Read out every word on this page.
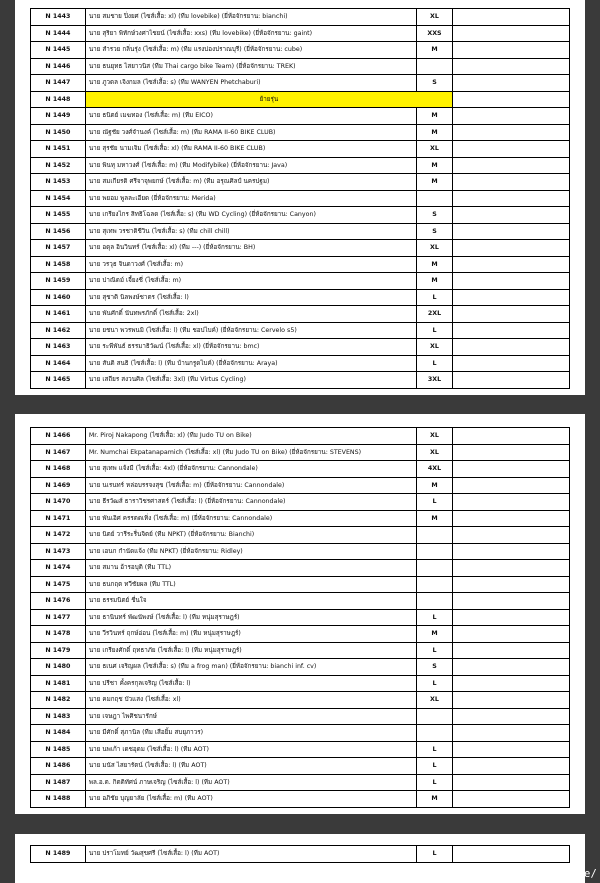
N 1443	นาย สมชาย ปิ่งยศ (ไซส์เสื้อ: xl) (ทีม lovebike) (ยี่ห้อจักรยาน: bianchi)	XL	
N 1444	นาย สุริยา พิทักษ์วงศาไชยน์ (ไซส์เสื้อ: xxs) (ทีม lovebike) (ยี่ห้อจักรยาน: gaint)	XXS	
N 1445	นาย สำรวย กลิ่นรุ่ง (ไซส์เสื้อ: m) (ทีม แรงบ่องปราณบุรี) (ยี่ห้อจักรยาน: cube)	M	
N 1446	นาย ธนยุทธ ไสยาวนิส (ทีม Thai cargo bike Team) (ยี่ห้อจักรยาน: TREK)		
N 1447	นาย ภูวดล เจิงกมล (ไซส์เสื้อ: s) (ทีม WANYEN Phetchaburi)	S	
N 1448	ย้ายรุ่น		
N 1449	นาย ธนิตย์ เมฆทอง (ไซส์เสื้อ: m) (ทีม EICO)	M	
N 1450	นาย ณัฐชัย วงศ์จำนงค์ (ไซส์เสื้อ: m) (ทีม RAMA II-60 BIKE CLUB)	M	
N 1451	นาย สุรชัย นามเจิม (ไซส์เสื้อ: xl) (ทีม RAMA II-60 BIKE CLUB)	XL	
N 1452	นาย พินทุ มหาวงศ์ (ไซส์เสื้อ: m) (ทีม Modifybike) (ยี่ห้อจักรยาน: Java)	M	
N 1453	นาย สมเกียรติ ศรีจาจุพยกษ์ (ไซส์เสื้อ: m) (ทีม อรุณศิลป์ นครปฐม)	M	
N 1454	นาย พยอม พูลละเอียด (ยี่ห้อจักรยาน: Merida)		
N 1455	นาย เกรียงไกร สิทธิโฉลด (ไซส์เสื้อ: s) (ทีม WD Cycling) (ยี่ห้อจักรยาน: Canyon)	S	
N 1456	นาย สุเทพ วรชาติชีวิน (ไซส์เสื้อ: s) (ทีม chill chill)	S	
N 1457	นาย อดุล อินวินทร์ (ไซส์เสื้อ: xl) (ทีม ---) (ยี่ห้อจักรยาน: BH)	XL	
N 1458	นาย วรวุธ จินดาวงศ์ (ไซส์เสื้อ: m)	M	
N 1459	นาย ปาณิดม์ เจี้ยงชี่ (ไซส์เสื้อ: m)	M	
N 1460	นาย สุชาติ นิลพงษ์ชาตร (ไซส์เสื้อ: l)	L	
N 1461	นาย พันศักดิ์ นันทพรภักดิ์ (ไซส์เสื้อ: 2xl)	2XL	
N 1462	นาย ยชนา พวรพนมิ (ไซส์เสื้อ: l) (ทีม ชอปไบค์) (ยี่ห้อจักรยาน: Cervelo s5)	L	
N 1463	นาย ระพีพันธ์ ธรรมาธิวัฒน์ (ไซส์เสื้อ: xl) (ยี่ห้อจักรยาน: bmc)	XL	
N 1464	นาย สันติ สนธิ (ไซส์เสื้อ: l) (ทีม บ้านกรูดไบค์) (ยี่ห้อจักรยาน: Araya)	L	
N 1465	นาย เสถียร สงวนศิล (ไซส์เสื้อ: 3xl) (ทีม Virtus Cycling)	3XL	
N 1466	Mr. Piroj Nakapong (ไซส์เสื้อ: xl) (ทีม Judo TU on Bike)	XL	
N 1467	Mr. Numchai Ekpatanapamich (ไซส์เสื้อ: xl) (ทีม Judo TU on Bike) (ยี่ห้อจักรยาน: STEVENS)	XL	
N 1468	นาย สุเทพ แจ้งมี (ไซส์เสื้อ: 4xl) (ยี่ห้อจักรยาน: Cannondale)	4XL	
N 1469	นาย นเรนทร์ หล่อบรรจงสุข (ไซส์เสื้อ: m) (ยี่ห้อจักรยาน: Cannondale)	M	
N 1470	นาย ธีรวัฒส์ ธาราวิชรศาสตร์ (ไซส์เสื้อ: l) (ยี่ห้อจักรยาน: Cannondale)	L	
N 1471	นาย พันเอิศ ครรตดเทิ่ง (ไซส์เสื้อ: m) (ยี่ห้อจักรยาน: Cannondale)	M	
N 1472	นาย นิตย์ วารีระรื่นจิตย์ (ทีม NPKT) (ยี่ห้อจักรยาน: Bianchi)		
N 1473	นาย เอนก กำนัดแจ้ง (ทีม NPKT) (ยี่ห้อจักรยาน: Ridley)		
N 1474	นาย สมาน อ้ารอบุติ (ทีม TTL)		
N 1475	นาย ธนกฤต ทวีชัยผล (ทีม TTL)		
N 1476	นาย ธรรมนิตย์ ชื่นใจ		
N 1477	นาย ธานินทร์ พัฒนัพงษ์ (ไซส์เสื้อ: l) (ทีม หนุ่มสุราษฎร์)	L	
N 1478	นาย วีรวินทร์ ฤกษ์อ่อน (ไซส์เสื้อ: m) (ทีม หนุ่มสุราษฎร์)	M	
N 1479	นาย เกรียงศักดิ์ ฤทธาภัย (ไซส์เสื้อ: l) (ทีม หนุ่มสุราษฎร์)	L	
N 1480	นาย ธเนศ เจริญผล (ไซส์เสื้อ: s) (ทีม a frog man) (ยี่ห้อจักรยาน: bianchi inf. cv)	S	
N 1481	นาย ปรีชา คั้งครกุลเจริญ (ไซส์เสื้อ: l)	L	
N 1482	นาย คมกฤช บัวแสง (ไซส์เสื้อ: xl)	XL	
N 1483	นาย เจษฎา ไพศิชนารักษ์		
N 1484	นาย มีศักดิ์ สุภานิล (ทีม เสือยิ้ม สบยุภาวร)		
N 1485	นาย นพเก้า เดชอุดม (ไซส์เสื้อ: l) (ทีม AOT)	L	
N 1486	นาย มนัส ไสยารัตน์ (ไซส์เสื้อ: l) (ทีม AOT)	L	
N 1487	พล.อ.ต. กิตติทัศน์ ภาษเจริญ (ไซส์เสื้อ: l) (ทีม AOT)	L	
N 1488	นาย อภิชัย บุญยาลัย (ไซส์เสื้อ: m) (ทีม AOT)	M	
N 1489	นาย ปราโมทย์ วัฒสุขศรี (ไซส์เสื้อ: l) (ทีม AOT)	L	
[1080x1562] https://upic.me/
